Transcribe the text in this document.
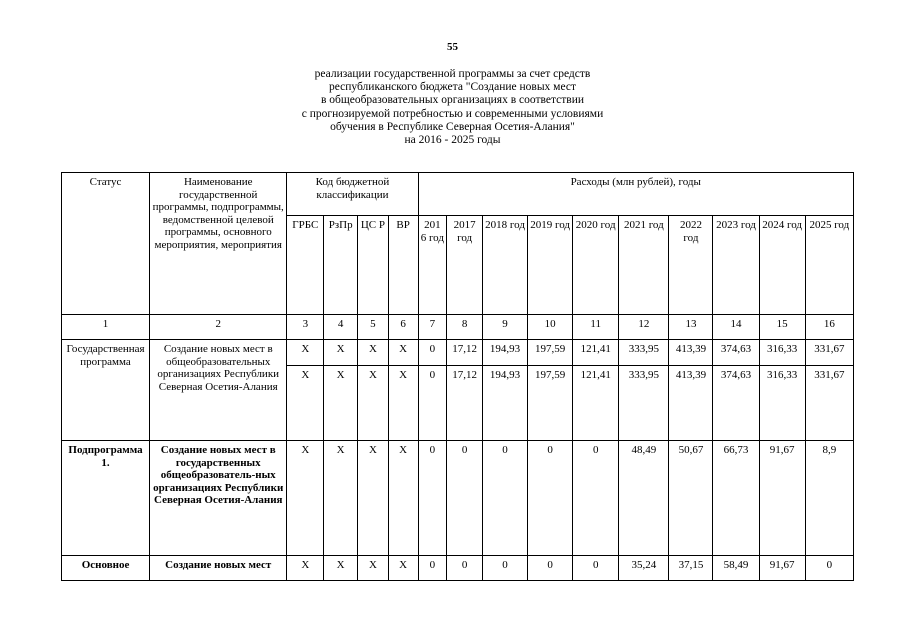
55
реализации государственной программы за счет средств
республиканского бюджета "Создание новых мест
в общеобразовательных организациях в соответствии
с прогнозируемой потребностью и современными условиями
обучения в Республике Северная Осетия-Алания"
на 2016 - 2025 годы
Статус	Наименование государственной программы, подпрограммы, ведомственной целевой программы, основного мероприятия, мероприятия	Код бюджетной классификации				Расходы (млн рублей), годы									
		ГРБС	РзПр	ЦС Р	ВР	201 6 год	2017 год	2018 год	2019 год	2020 год	2021 год	2022 год	2023 год	2024 год	2025 год
1	2	3	4	5	6	7	8	9	10	11	12	13	14	15	16
Государственная программа	Создание новых мест в общеобразовательных организациях Республики Северная Осетия-Алания	X	X	X	X	0	17,12	194,93	197,59	121,41	333,95	413,39	374,63	316,33	331,67
		X	X	X	X	0	17,12	194,93	197,59	121,41	333,95	413,39	374,63	316,33	331,67
Подпрограмма 1.	Создание новых мест в государственных общеобразователь-ных организациях Республики Северная Осетия-Алания	X	X	X	X	0	0	0	0	0	48,49	50,67	66,73	91,67	8,9
Основное	Создание новых мест	X	X	X	X	0	0	0	0	0	35,24	37,15	58,49	91,67	0
